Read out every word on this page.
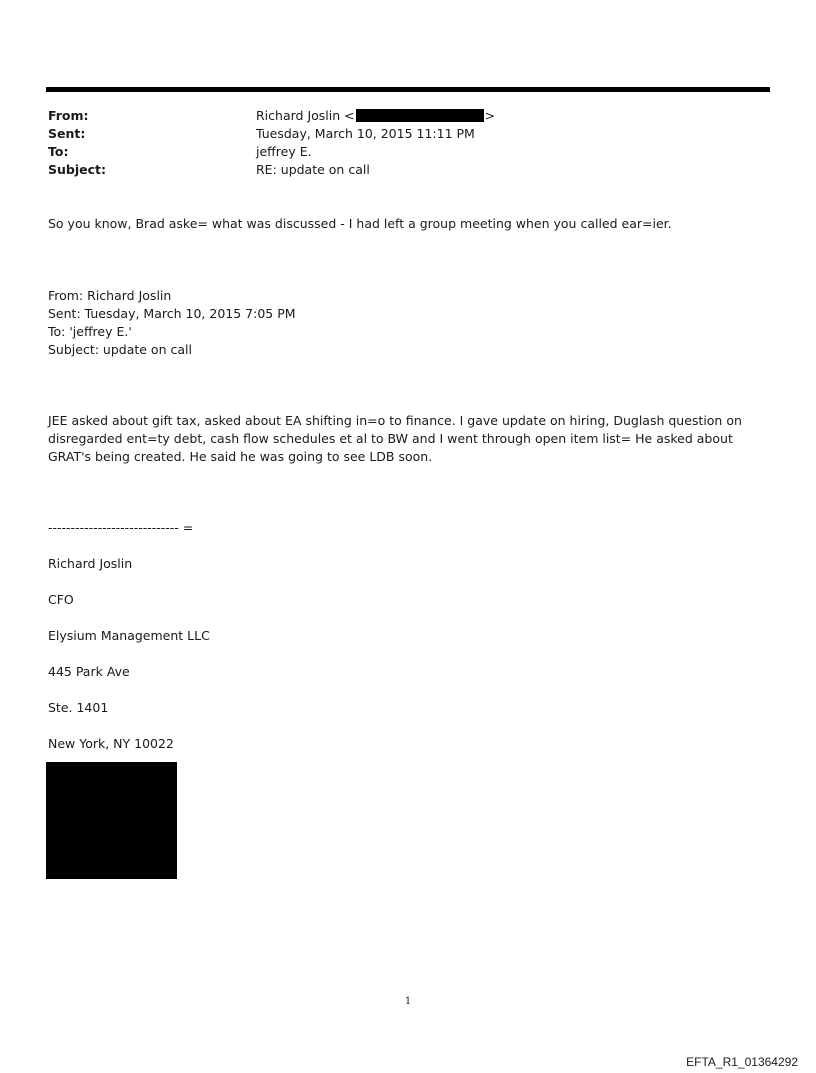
From:	Richard Joslin <	>
Sent:	Tuesday, March 10, 2015 11:11 PM
To:	jeffrey E.
Subject:	RE: update on call
So you know, Brad aske= what was discussed - I had left a group meeting when you called ear=ier.
From: Richard Joslin
Sent: Tuesday, March 10, 2015 7:05 PM
To: 'jeffrey E.'
Subject: update on call
JEE asked about gift tax, asked about EA shifting in=o to finance. I gave update on hiring, Duglash question on disregarded ent=ty debt, cash flow schedules et al to BW and I went through open item list= He asked about GRAT's being created. He said he was going to see LDB soon.
----------------------------- =
Richard Joslin
CFO
Elysium Management LLC
445 Park Ave
Ste. 1401
New York, NY 10022
1
EFTA_R1_01364292
